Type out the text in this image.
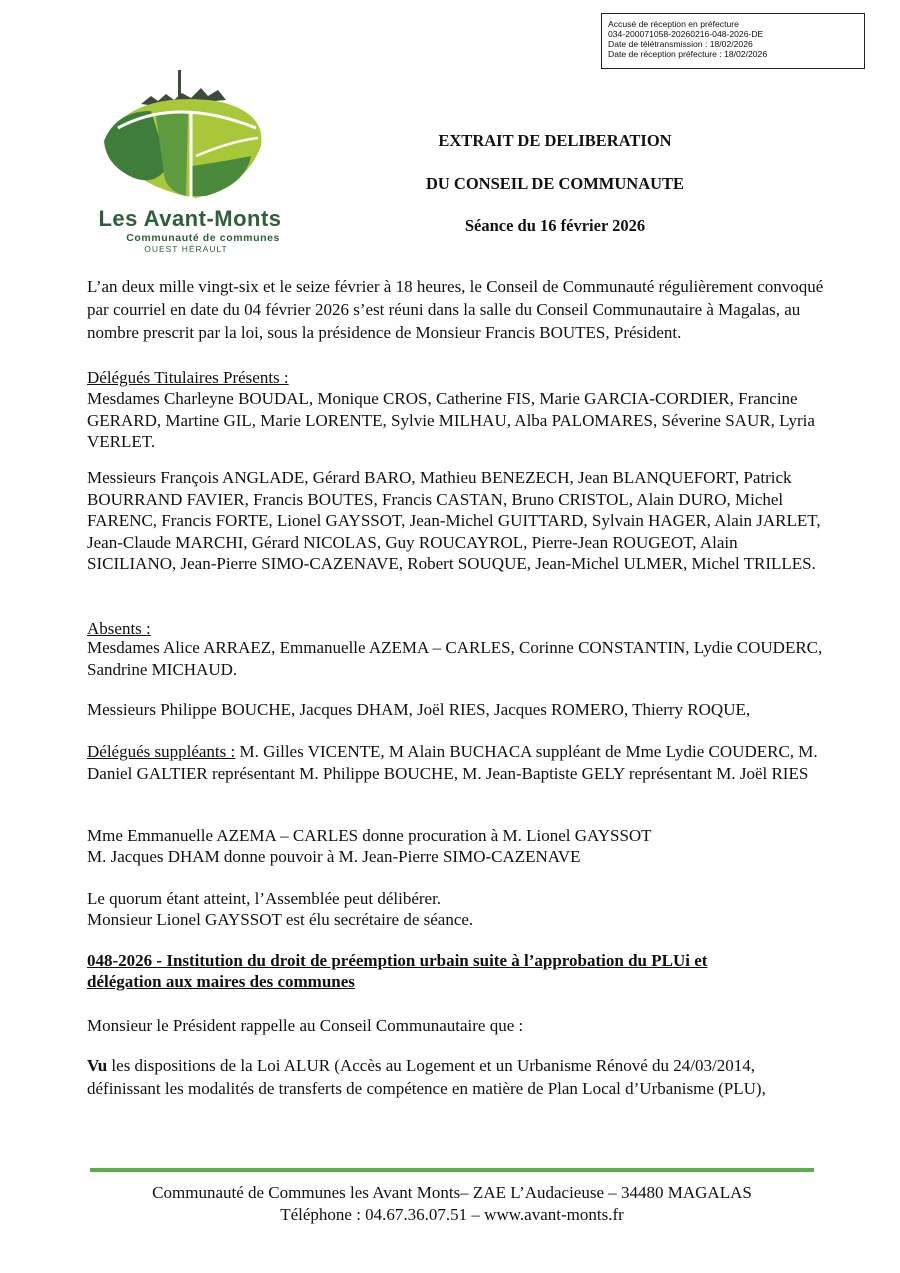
Accusé de réception en préfecture
034-200071058-20260216-048-2026-DE
Date de télétransmission : 18/02/2026
Date de réception préfecture : 18/02/2026
Les Avant-Monts
Communauté de communes
OUEST HÉRAULT
EXTRAIT DE DELIBERATION
DU CONSEIL DE COMMUNAUTE
Séance du 16 février 2026

L’an deux mille vingt-six et le seize février à 18 heures, le Conseil de Communauté régulièrement convoqué par courriel en date du 04 février 2026 s’est réuni dans la salle du Conseil Communautaire à Magalas, au nombre prescrit par la loi, sous la présidence de Monsieur Francis BOUTES, Président.

Délégués Titulaires Présents :

Mesdames Charleyne BOUDAL, Monique CROS, Catherine FIS, Marie GARCIA-CORDIER, Francine GERARD, Martine GIL, Marie LORENTE, Sylvie MILHAU, Alba PALOMARES, Séverine SAUR, Lyria VERLET.

Messieurs François ANGLADE, Gérard BARO, Mathieu BENEZECH, Jean BLANQUEFORT, Patrick BOURRAND FAVIER, Francis BOUTES, Francis CASTAN, Bruno CRISTOL, Alain DURO, Michel FARENC, Francis FORTE, Lionel GAYSSOT, Jean-Michel GUITTARD, Sylvain HAGER, Alain JARLET, Jean-Claude MARCHI, Gérard NICOLAS, Guy ROUCAYROL, Pierre-Jean ROUGEOT, Alain SICILIANO, Jean-Pierre SIMO-CAZENAVE, Robert SOUQUE, Jean-Michel ULMER, Michel TRILLES.

Absents :

Mesdames Alice ARRAEZ, Emmanuelle AZEMA – CARLES, Corinne CONSTANTIN, Lydie COUDERC, Sandrine MICHAUD.

Messieurs Philippe BOUCHE, Jacques DHAM, Joël RIES, Jacques ROMERO, Thierry ROQUE,

Délégués suppléants : M. Gilles VICENTE, M Alain BUCHACA suppléant de Mme Lydie COUDERC, M. Daniel GALTIER représentant M. Philippe BOUCHE, M. Jean-Baptiste GELY représentant M. Joël RIES

Mme Emmanuelle AZEMA – CARLES donne procuration à M. Lionel GAYSSOT

M. Jacques DHAM donne pouvoir à M. Jean-Pierre SIMO-CAZENAVE

Le quorum étant atteint, l’Assemblée peut délibérer.

Monsieur Lionel GAYSSOT est élu secrétaire de séance.

048-2026 - Institution du droit de préemption urbain suite à l’approbation du PLUi et

délégation aux maires des communes

Monsieur le Président rappelle au Conseil Communautaire que :

Vu les dispositions de la Loi ALUR (Accès au Logement et un Urbanisme Rénové du 24/03/2014, définissant les modalités de transferts de compétence en matière de Plan Local d’Urbanisme (PLU),

Communauté de Communes les Avant Monts– ZAE L’Audacieuse – 34480 MAGALAS
Téléphone : 04.67.36.07.51 – www.avant-monts.fr
